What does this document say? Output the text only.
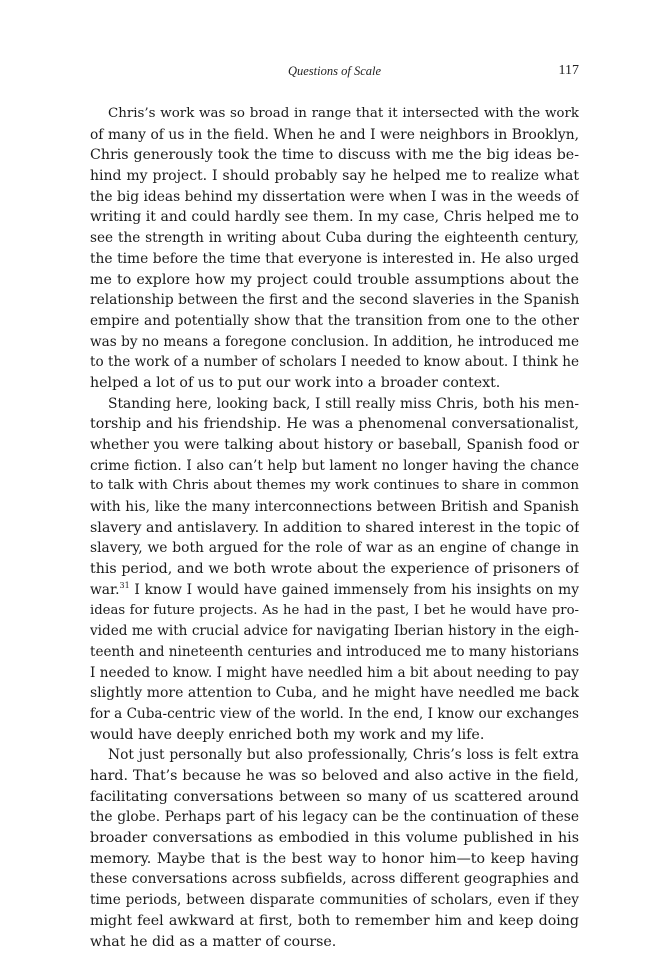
Questions of Scale	117

Chris’s work was so broad in range that it intersected with the work
of many of us in the field. When he and I were neighbors in Brooklyn,
Chris generously took the time to discuss with me the big ideas be-
hind my project. I should probably say he helped me to realize what
the big ideas behind my dissertation were when I was in the weeds of
writing it and could hardly see them. In my case, Chris helped me to
see the strength in writing about Cuba during the eighteenth century,
the time before the time that everyone is interested in. He also urged
me to explore how my project could trouble assumptions about the
relationship between the first and the second slaveries in the Spanish
empire and potentially show that the transition from one to the other
was by no means a foregone conclusion. In addition, he introduced me
to the work of a number of scholars I needed to know about. I think he
helped a lot of us to put our work into a broader context.

Standing here, looking back, I still really miss Chris, both his men-
torship and his friendship. He was a phenomenal conversationalist,
whether you were talking about history or baseball, Spanish food or
crime fiction. I also can’t help but lament no longer having the chance
to talk with Chris about themes my work continues to share in common
with his, like the many interconnections between British and Spanish
slavery and antislavery. In addition to shared interest in the topic of
slavery, we both argued for the role of war as an engine of change in
this period, and we both wrote about the experience of prisoners of
war.$^{31}$ I know I would have gained immensely from his insights on my
ideas for future projects. As he had in the past, I bet he would have pro-
vided me with crucial advice for navigating Iberian history in the eigh-
teenth and nineteenth centuries and introduced me to many historians
I needed to know. I might have needled him a bit about needing to pay
slightly more attention to Cuba, and he might have needled me back
for a Cuba-centric view of the world. In the end, I know our exchanges
would have deeply enriched both my work and my life.

Not just personally but also professionally, Chris’s loss is felt extra
hard. That’s because he was so beloved and also active in the field,
facilitating conversations between so many of us scattered around
the globe. Perhaps part of his legacy can be the continuation of these
broader conversations as embodied in this volume published in his
memory. Maybe that is the best way to honor him—to keep having
these conversations across subfields, across different geographies and
time periods, between disparate communities of scholars, even if they
might feel awkward at first, both to remember him and keep doing
what he did as a matter of course.
